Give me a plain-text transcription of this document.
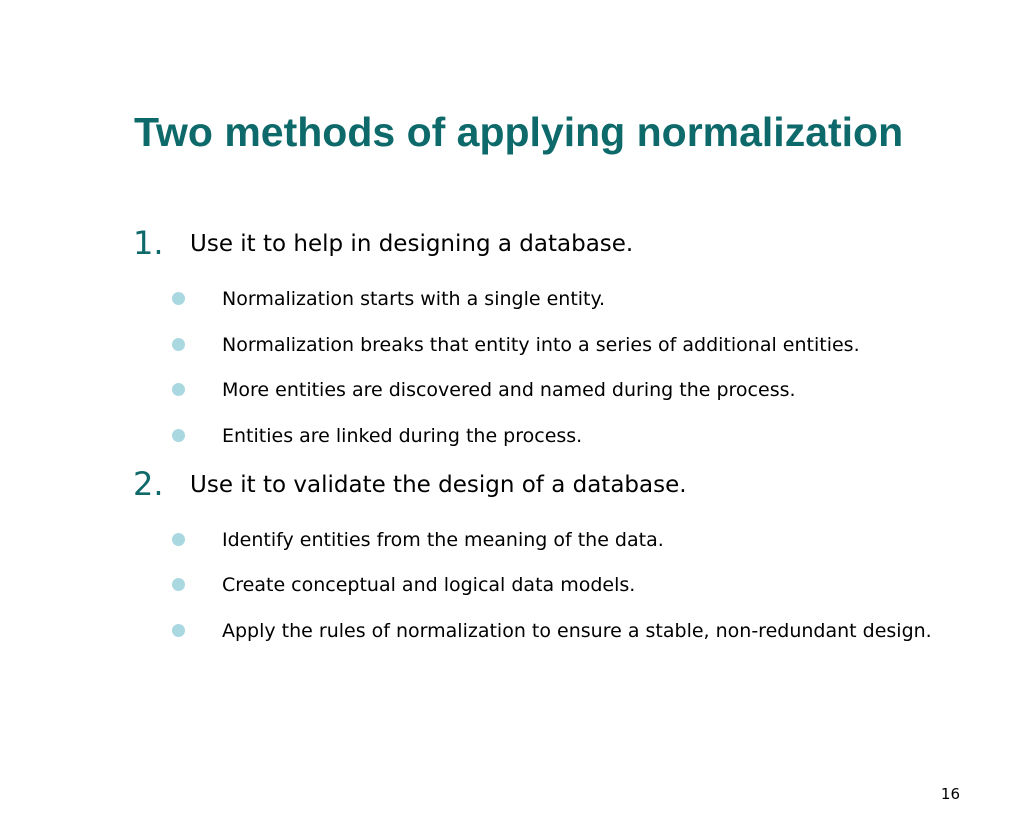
Two methods of applying normalization
1. Use it to help in designing a database.
Normalization starts with a single entity.
Normalization breaks that entity into a series of additional entities.
More entities are discovered and named during the process.
Entities are linked during the process.
2. Use it to validate the design of a database.
Identify entities from the meaning of the data.
Create conceptual and logical data models.
Apply the rules of normalization to ensure a stable, non-redundant design.
16
